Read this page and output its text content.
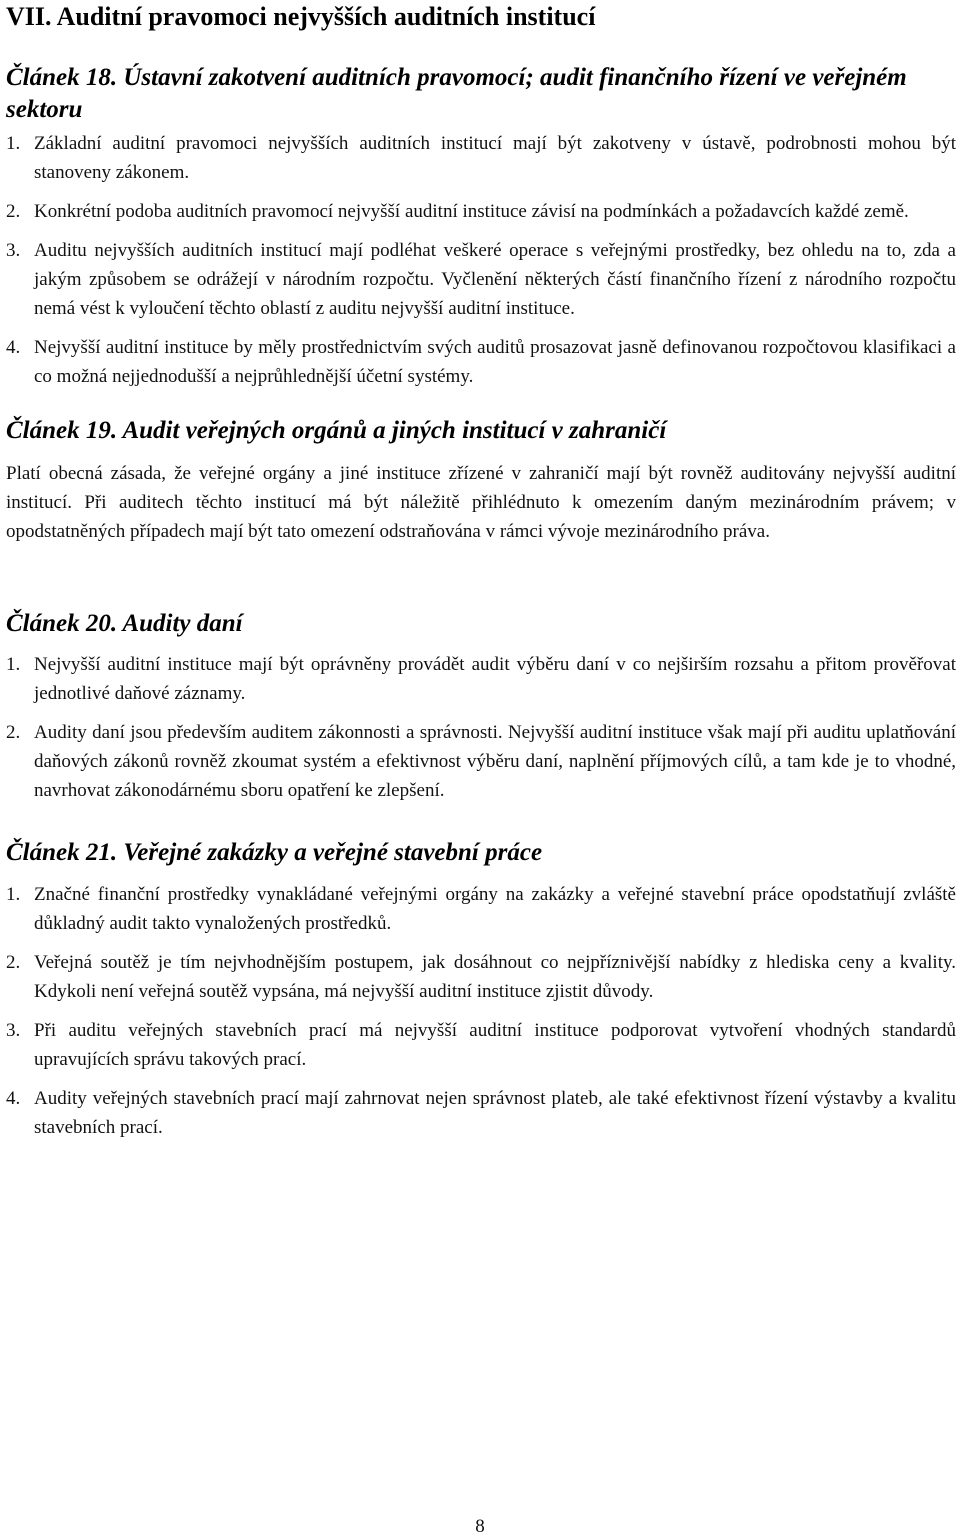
VII. Auditní pravomoci nejvyšších auditních institucí
Článek 18. Ústavní zakotvení auditních pravomocí; audit finančního řízení ve veřejném sektoru
1. Základní auditní pravomoci nejvyšších auditních institucí mají být zakotveny v ústavě, podrobnosti mohou být stanoveny zákonem.

2. Konkrétní podoba auditních pravomocí nejvyšší auditní instituce závisí na podmínkách a požadavcích každé země.

3. Auditu nejvyšších auditních institucí mají podléhat veškeré operace s veřejnými prostředky, bez ohledu na to, zda a jakým způsobem se odrážejí v národním rozpočtu. Vyčlenění některých částí finančního řízení z národního rozpočtu nemá vést k vyloučení těchto oblastí z auditu nejvyšší auditní instituce.

4. Nejvyšší auditní instituce by měly prostřednictvím svých auditů prosazovat jasně definovanou rozpočtovou klasifikaci a co možná nejjednodušší a nejprůhlednější účetní systémy.

Článek 19. Audit veřejných orgánů a jiných institucí v zahraničí

Platí obecná zásada, že veřejné orgány a jiné instituce zřízené v zahraničí mají být rovněž auditovány nejvyšší auditní institucí. Při auditech těchto institucí má být náležitě přihlédnuto k omezením daným mezinárodním právem; v opodstatněných případech mají být tato omezení odstraňována v rámci vývoje mezinárodního práva.

Článek 20. Audity daní
1. Nejvyšší auditní instituce mají být oprávněny provádět audit výběru daní v co nejširším rozsahu a přitom prověřovat jednotlivé daňové záznamy.

2. Audity daní jsou především auditem zákonnosti a správnosti. Nejvyšší auditní instituce však mají při auditu uplatňování daňových zákonů rovněž zkoumat systém a efektivnost výběru daní, naplnění příjmových cílů, a tam kde je to vhodné, navrhovat zákonodárnému sboru opatření ke zlepšení.

Článek 21. Veřejné zakázky a veřejné stavební práce
1. Značné finanční prostředky vynakládané veřejnými orgány na zakázky a veřejné stavební práce opodstatňují zvláště důkladný audit takto vynaložených prostředků.

2. Veřejná soutěž je tím nejvhodnějším postupem, jak dosáhnout co nejpříznivější nabídky z hlediska ceny a kvality. Kdykoli není veřejná soutěž vypsána, má nejvyšší auditní instituce zjistit důvody.

3. Při auditu veřejných stavebních prací má nejvyšší auditní instituce podporovat vytvoření vhodných standardů upravujících správu takových prací.

4. Audity veřejných stavebních prací mají zahrnovat nejen správnost plateb, ale také efektivnost řízení výstavby a kvalitu stavebních prací.

8
